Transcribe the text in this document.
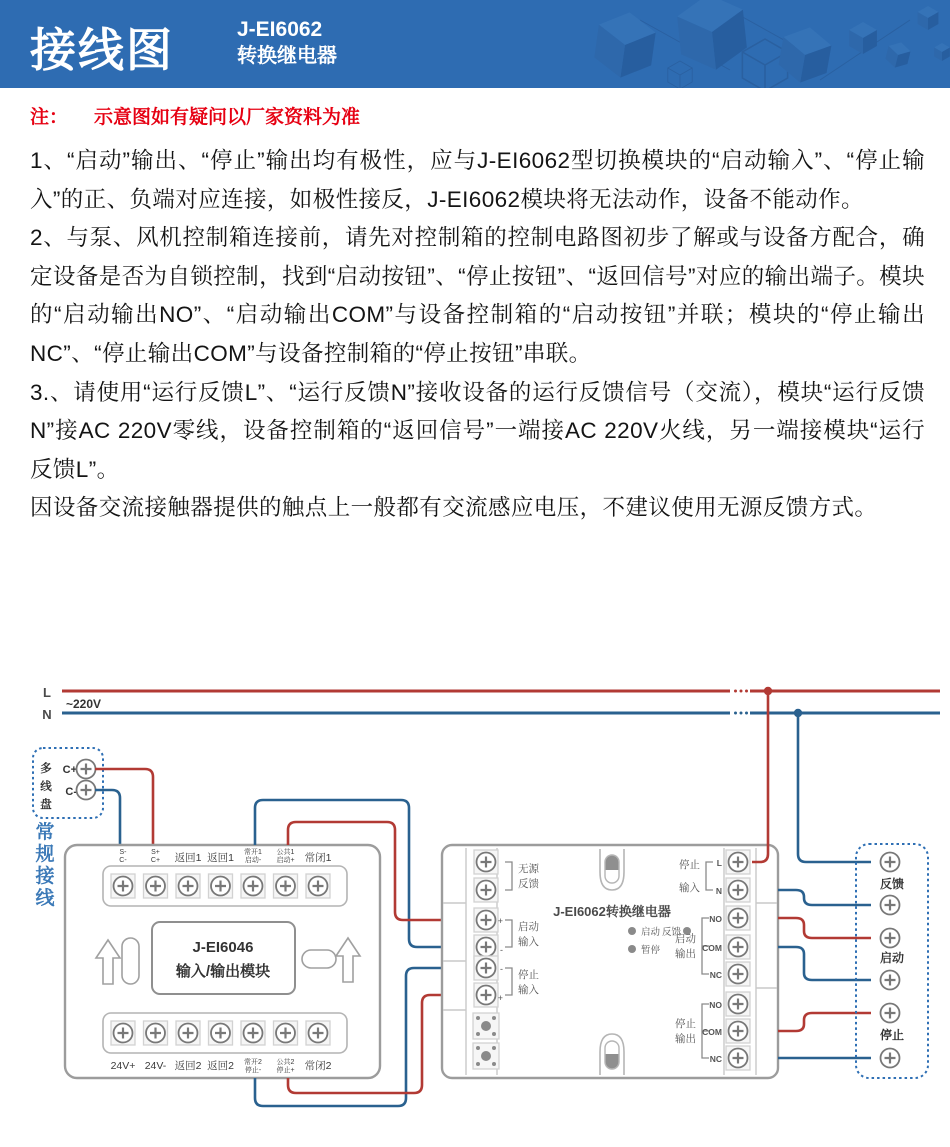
接线图	J-EI6062
转换继电器
注： 示意图如有疑问以厂家资料为准

1、“启动”输出、“停止”输出均有极性，应与J-EI6062型切换模块的“启动输入”、“停止输入”的正、负端对应连接，如极性接反，J-EI6062模块将无法动作，设备不能动作。

2、与泵、风机控制箱连接前，请先对控制箱的控制电路图初步了解或与设备方配合，确定设备是否为自锁控制，找到“启动按钮”、“停止按钮”、“返回信号”对应的输出端子。模块的“启动输出NO”、“启动输出COM”与设备控制箱的“启动按钮”并联；模块的“停止输出NC”、“停止输出COM”与设备控制箱的“停止按钮”串联。

3.、请使用“运行反馈L”、“运行反馈N”接收设备的运行反馈信号（交流），模块“运行反馈N”接AC 220V零线，设备控制箱的“返回信号”一端接AC 220V火线，另一端接模块“运行反馈L”。

因设备交流接触器提供的触点上一般都有交流感应电压，不建议使用无源反馈方式。

L
N
~220V
多
线
盘
C+
C-
常
规
接
线
S-
C-
S+
C+ 返回1 返回1 常开1
启动-
公共1
启动+ 常闭1
J-EI6046
输入/输出模块
24V+ 24V- 返回2 返回2 常开2
停止-
公共2
停止+ 常闭2
无源
反馈
启动
输入
停止
输入
+
-
-
+
J-EI6062转换继电器
启动 反馈
暂停
停止
输入
启动
输出
停止
输出
L
N
NO
COM
NC
NO
COM
NC
反馈
启动
停止
